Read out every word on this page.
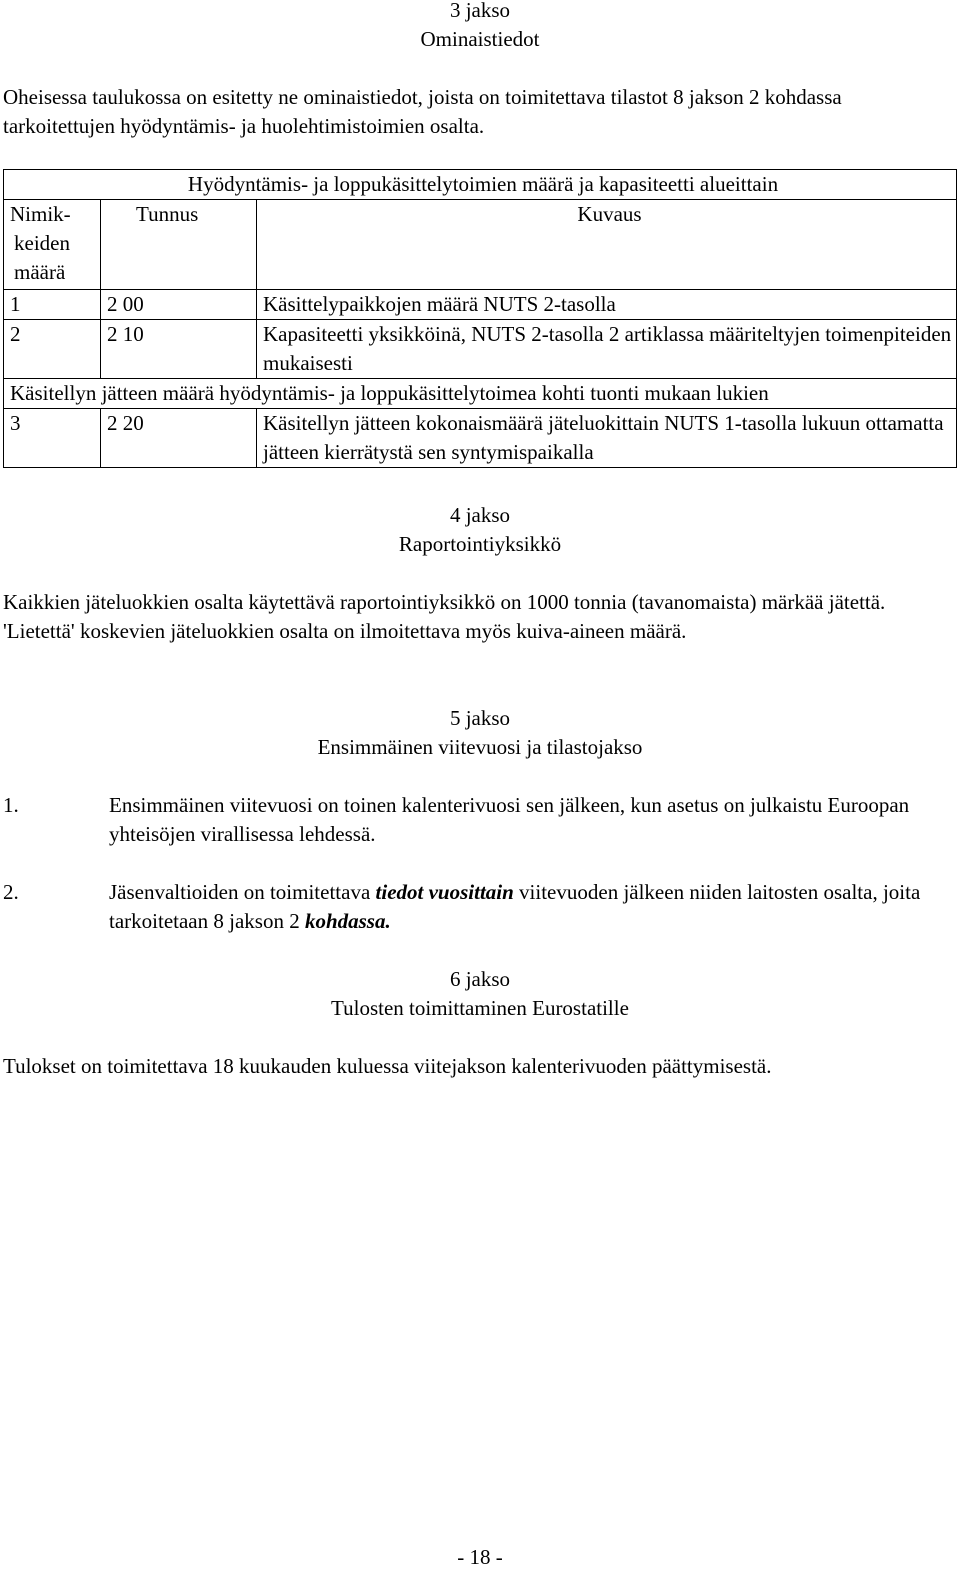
3 jakso
Ominaistiedot

Oheisessa taulukossa on esitetty ne ominaistiedot, joista on toimitettava tilastot 8 jakson 2 kohdassa tarkoitettujen hyödyntämis- ja huolehtimistoimien osalta.

Hyödyntämis- ja loppukäsittelytoimien määrä ja kapasiteetti alueittain		

Nimik-
keiden
määrä	Tunnus	Kuvaus
1	2 00	Käsittelypaikkojen määrä NUTS 2-tasolla
2	2 10	Kapasiteetti yksikköinä, NUTS 2-tasolla 2 artiklassa määriteltyjen toimenpiteiden mukaisesti
Käsitellyn jätteen määrä hyödyntämis- ja loppukäsittelytoimea kohti tuonti mukaan lukien		
3	2 20	Käsitellyn jätteen kokonaismäärä jäteluokittain NUTS 1-tasolla lukuun ottamatta jätteen kierrätystä sen syntymispaikalla
4 jakso
Raportointiyksikkö

Kaikkien jäteluokkien osalta käytettävä raportointiyksikkö on 1000 tonnia (tavanomaista) märkää jätettä. 'Lietettä' koskevien jäteluokkien osalta on ilmoitettava myös kuiva-aineen määrä.

5 jakso
Ensimmäinen viitevuosi ja tilastojakso
1.	Ensimmäinen viitevuosi on toinen kalenterivuosi sen jälkeen, kun asetus on julkaistu Euroopan yhteisöjen virallisessa lehdessä.
2.	Jäsenvaltioiden on toimitettava tiedot vuosittain viitevuoden jälkeen niiden laitosten osalta, joita tarkoitetaan 8 jakson 2 kohdassa.
6 jakso
Tulosten toimittaminen Eurostatille

Tulokset on toimitettava 18 kuukauden kuluessa viitejakson kalenterivuoden päättymisestä.

- 18 -
